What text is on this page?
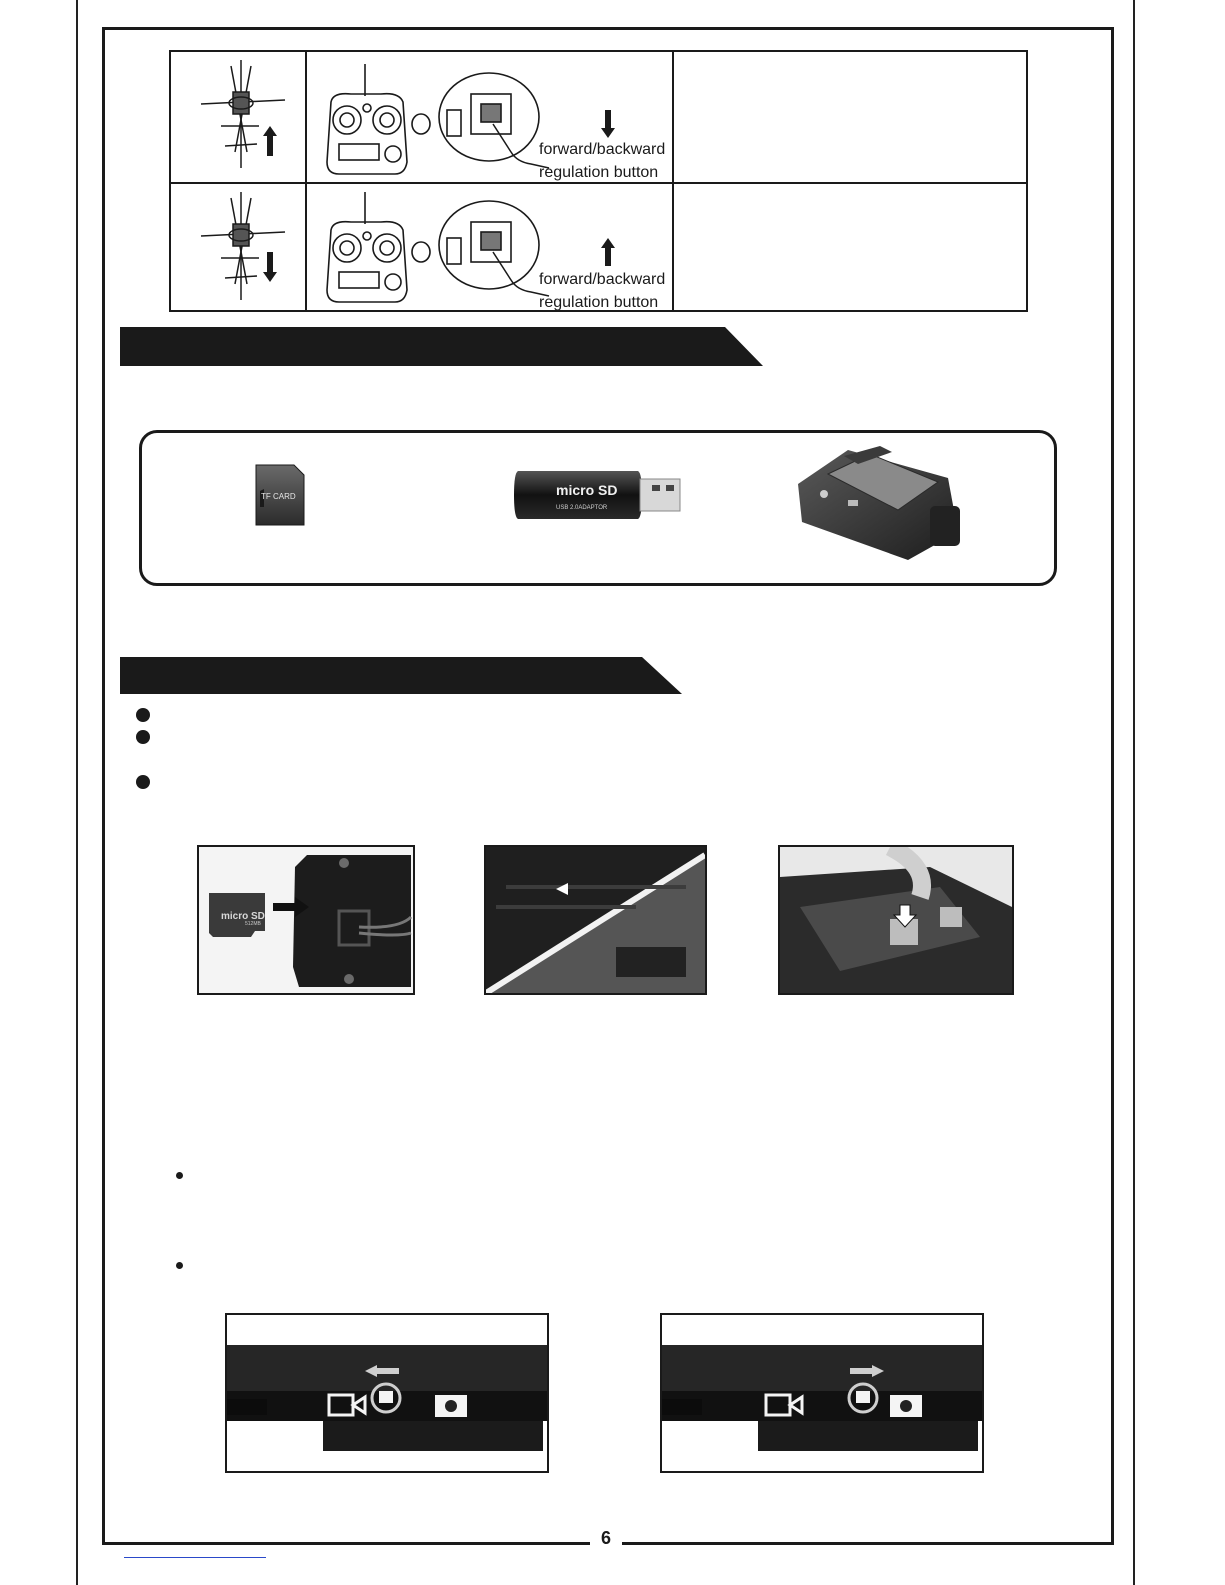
6
forward/backward
regulation button
forward/backward
regulation button
TF CARD	micro SD
USB 2.0ADAPTOR
micro SD
512MB
